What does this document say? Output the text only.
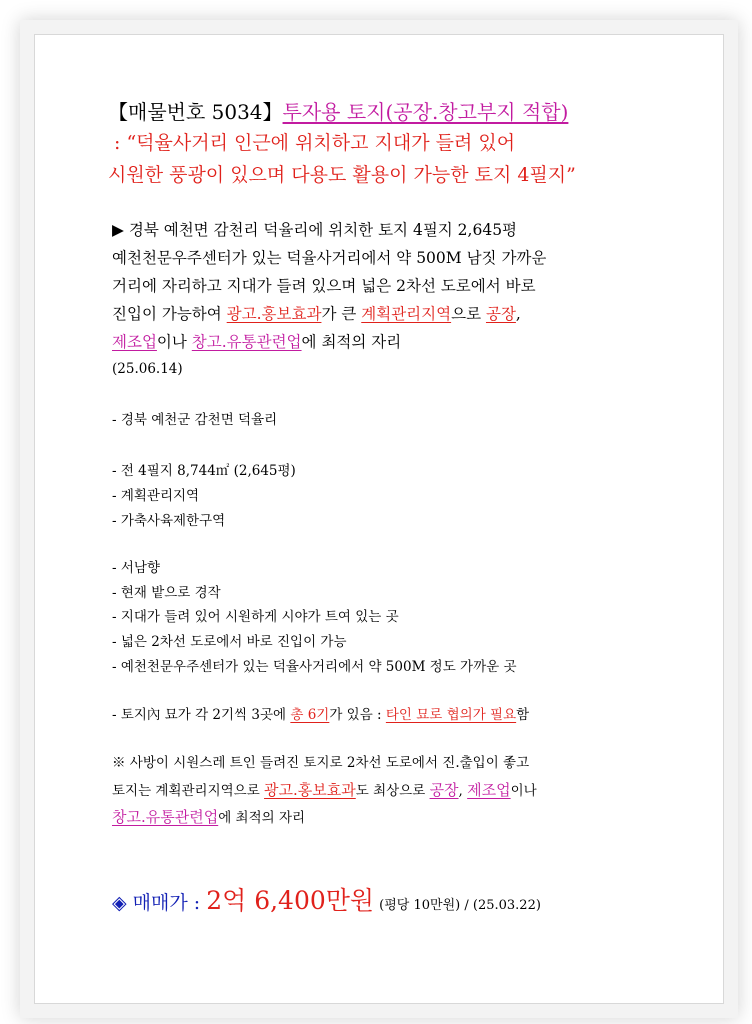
【매물번호 5034】투자용 토지(공장.창고부지 적합)
: “덕율사거리 인근에 위치하고 지대가 들려 있어
시원한 풍광이 있으며 다용도 활용이 가능한 토지 4필지”
▶ 경북 예천면 감천리 덕율리에 위치한 토지 4필지 2,645평
예천천문우주센터가 있는 덕율사거리에서 약 500M 남짓 가까운
거리에 자리하고 지대가 들려 있으며 넓은 2차선 도로에서 바로
진입이 가능하여 광고.홍보효과가 큰 계획관리지역으로 공장,
제조업이나 창고.유통관련업에 최적의 자리
(25.06.14)
- 경북 예천군 감천면 덕율리
- 전 4필지 8,744㎡ (2,645평)
- 계획관리지역
- 가축사육제한구역
- 서남향
- 현재 밭으로 경작
- 지대가 들려 있어 시원하게 시야가 트여 있는 곳
- 넓은 2차선 도로에서 바로 진입이 가능
- 예천천문우주센터가 있는 덕율사거리에서 약 500M 정도 가까운 곳
- 토지內 묘가 각 2기씩 3곳에 총 6기가 있음 : 타인 묘로 협의가 필요함
※ 사방이 시원스레 트인 들려진 토지로 2차선 도로에서 진.출입이 좋고
토지는 계획관리지역으로 광고.홍보효과도 최상으로 공장, 제조업이나
창고.유통관련업에 최적의 자리
◈ 매매가 : 2억 6,400만원 (평당 10만원) / (25.03.22)
